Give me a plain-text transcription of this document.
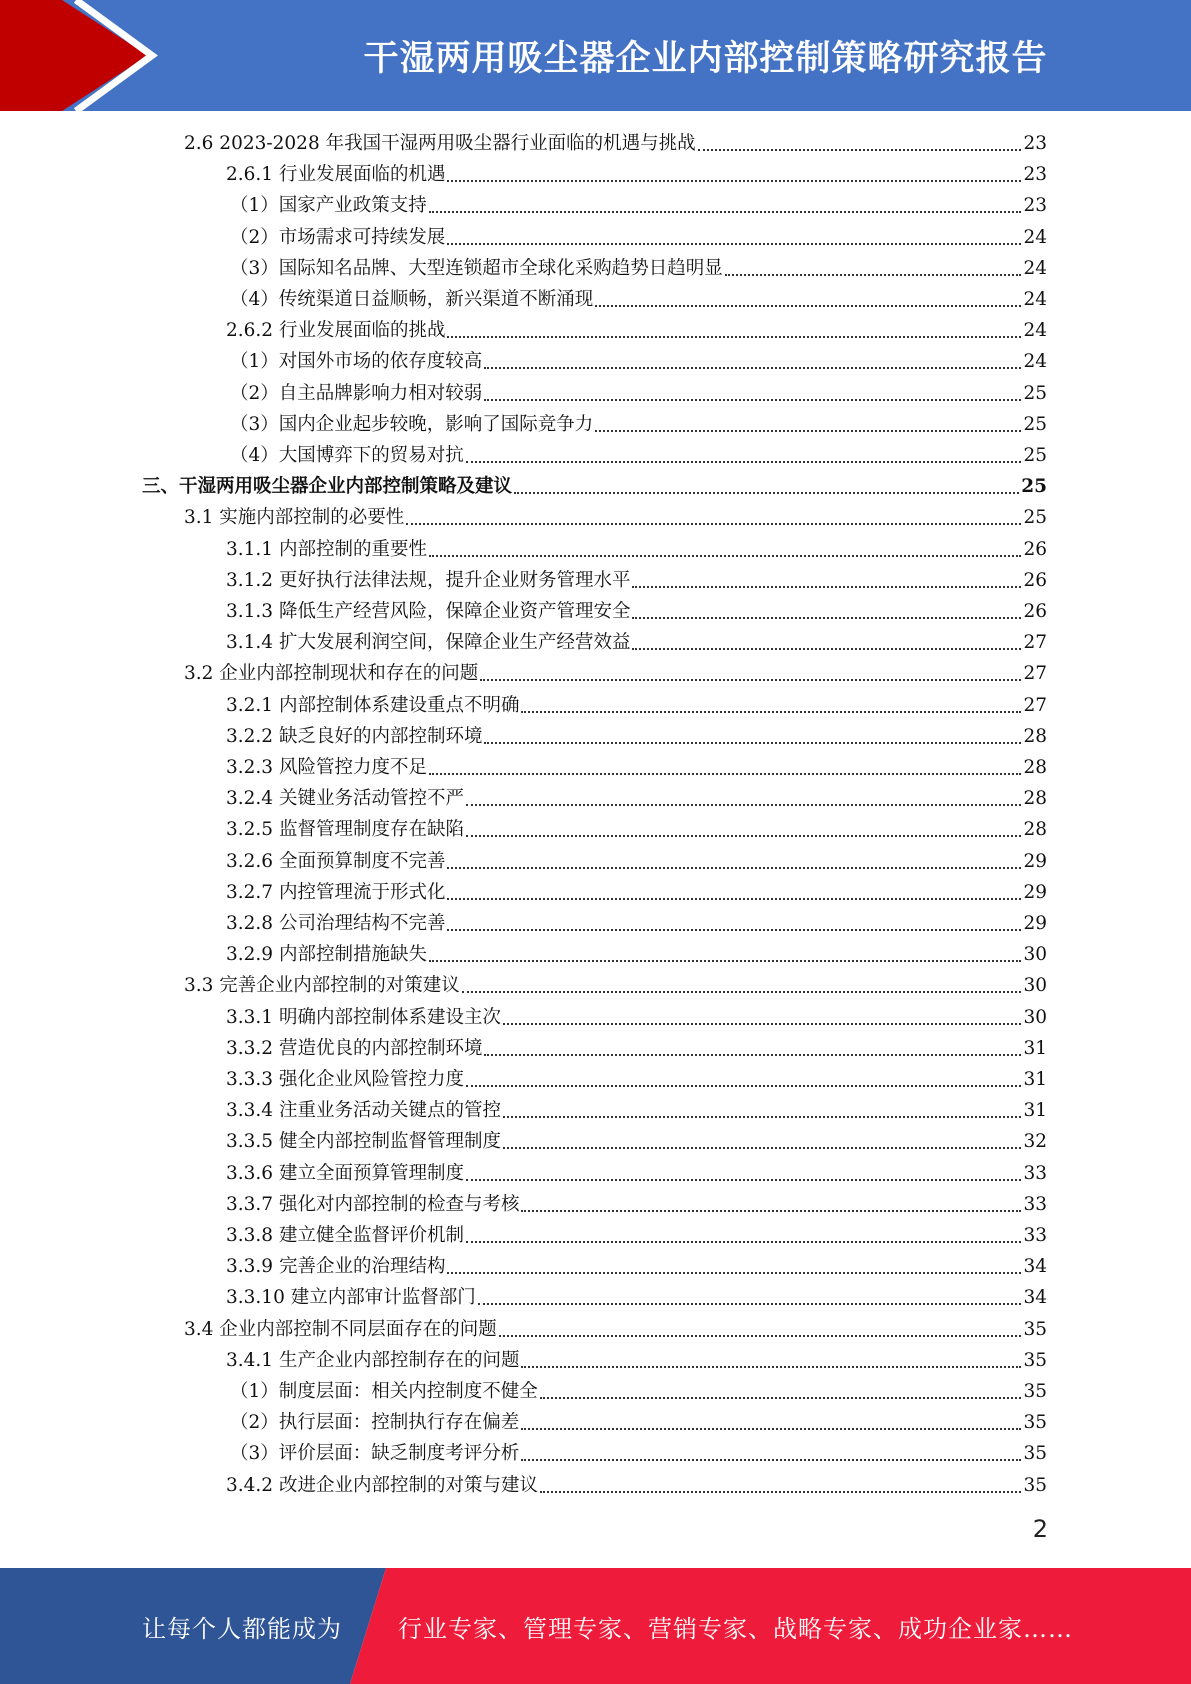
干湿两用吸尘器企业内部控制策略研究报告
2.6 2023-2028 年我国干湿两用吸尘器行业面临的机遇与挑战	23
2.6.1 行业发展面临的机遇	23
（1）国家产业政策支持	23
（2）市场需求可持续发展	24
（3）国际知名品牌、大型连锁超市全球化采购趋势日趋明显	24
（4）传统渠道日益顺畅，新兴渠道不断涌现	24
2.6.2 行业发展面临的挑战	24
（1）对国外市场的依存度较高	24
（2）自主品牌影响力相对较弱	25
（3）国内企业起步较晚，影响了国际竞争力	25
（4）大国博弈下的贸易对抗	25
三、干湿两用吸尘器企业内部控制策略及建议	25
3.1 实施内部控制的必要性	25
3.1.1 内部控制的重要性	26
3.1.2 更好执行法律法规，提升企业财务管理水平	26
3.1.3 降低生产经营风险，保障企业资产管理安全	26
3.1.4 扩大发展利润空间，保障企业生产经营效益	27
3.2 企业内部控制现状和存在的问题	27
3.2.1 内部控制体系建设重点不明确	27
3.2.2 缺乏良好的内部控制环境	28
3.2.3 风险管控力度不足	28
3.2.4 关键业务活动管控不严	28
3.2.5 监督管理制度存在缺陷	28
3.2.6 全面预算制度不完善	29
3.2.7 内控管理流于形式化	29
3.2.8 公司治理结构不完善	29
3.2.9 内部控制措施缺失	30
3.3 完善企业内部控制的对策建议	30
3.3.1 明确内部控制体系建设主次	30
3.3.2 营造优良的内部控制环境	31
3.3.3 强化企业风险管控力度	31
3.3.4 注重业务活动关键点的管控	31
3.3.5 健全内部控制监督管理制度	32
3.3.6 建立全面预算管理制度	33
3.3.7 强化对内部控制的检查与考核	33
3.3.8 建立健全监督评价机制	33
3.3.9 完善企业的治理结构	34
3.3.10 建立内部审计监督部门	34
3.4 企业内部控制不同层面存在的问题	35
3.4.1 生产企业内部控制存在的问题	35
（1）制度层面：相关内控制度不健全	35
（2）执行层面：控制执行存在偏差	35
（3）评价层面：缺乏制度考评分析	35
3.4.2 改进企业内部控制的对策与建议	35
2
让每个人都能成为 行业专家、管理专家、营销专家、战略专家、成功企业家……
